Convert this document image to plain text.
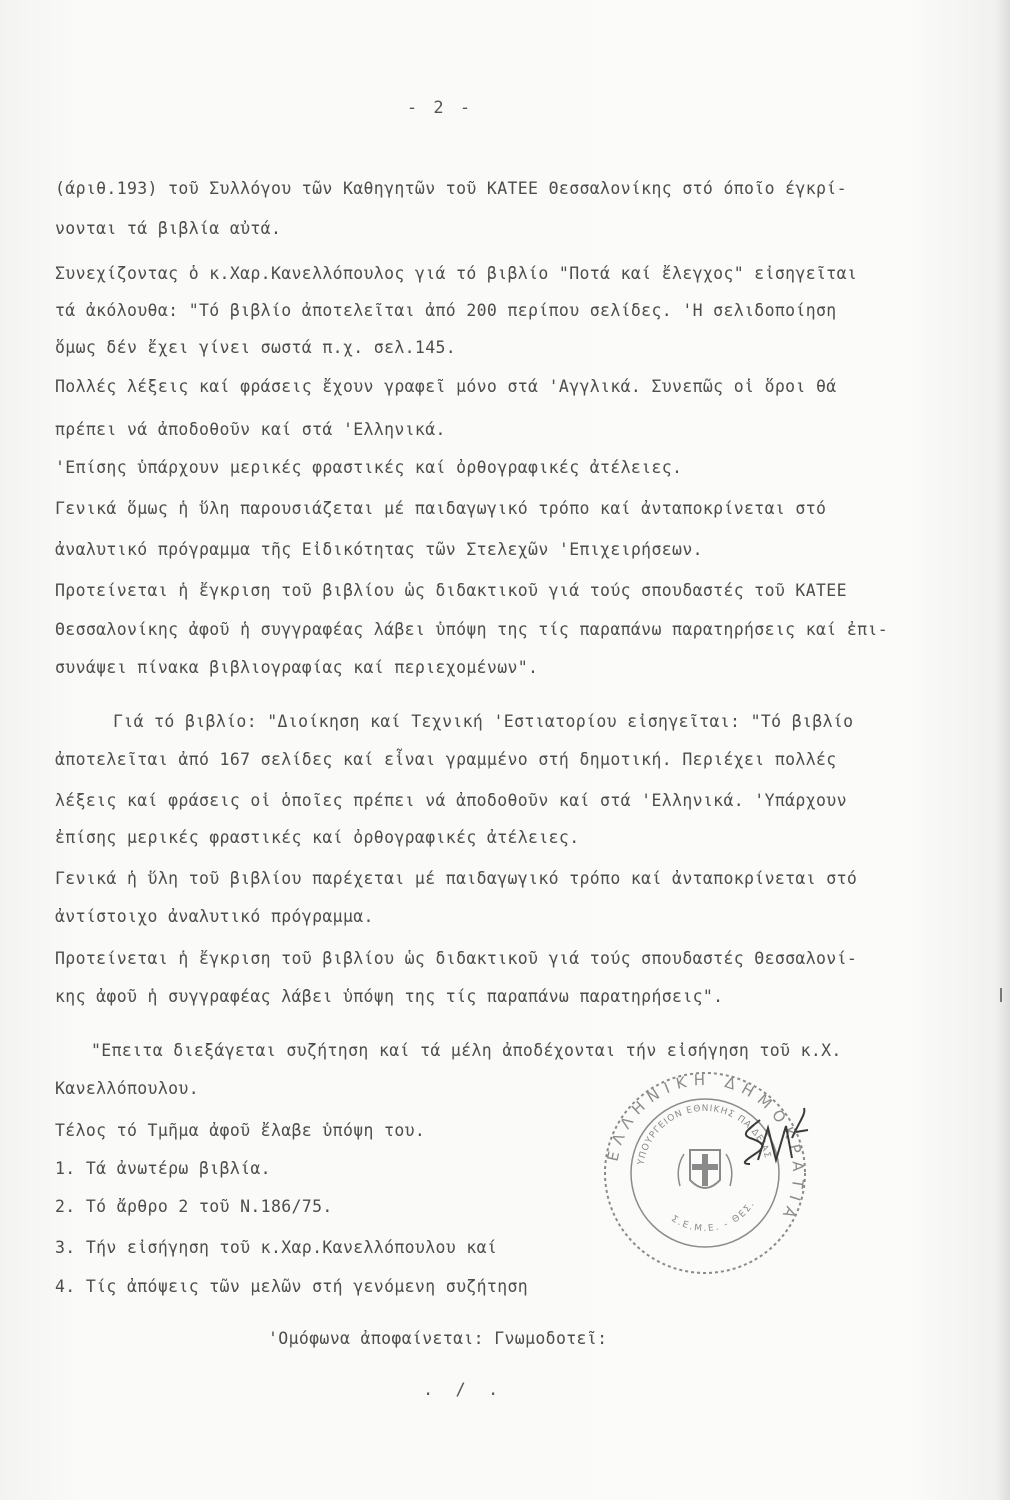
- 2 -
(άριθ.193) τοῦ Συλλόγου τῶν Καθηγητῶν τοῦ ΚΑΤΕΕ Θεσσαλονίκης στό όποῖο έγκρί-
νονται τά βιβλία αὐτά.
Συνεχίζοντας ὁ κ.Χαρ.Κανελλόπουλος γιά τό βιβλίο "Ποτά καί ἔλεγχος" εἰσηγεῖται
τά ἀκόλουθα: "Τό βιβλίο ἀποτελεῖται ἀπό 200 περίπου σελίδες. 'Η σελιδοποίηση
ὅμως δέν ἔχει γίνει σωστά π.χ. σελ.145.
Πολλές λέξεις καί φράσεις ἔχουν γραφεῖ μόνο στά 'Αγγλικά. Συνεπῶς οἱ ὅροι θά
πρέπει νά ἀποδοθοῦν καί στά 'Ελληνικά.
'Επίσης ὑπάρχουν μερικές φραστικές καί ὀρθογραφικές ἀτέλειες.
Γενικά ὅμως ἡ ὕλη παρουσιάζεται μέ παιδαγωγικό τρόπο καί ἀνταποκρίνεται στό
ἀναλυτικό πρόγραμμα τῆς Εἰδικότητας τῶν Στελεχῶν 'Επιχειρήσεων.
Προτείνεται ἡ ἔγκριση τοῦ βιβλίου ὡς διδακτικοῦ γιά τούς σπουδαστές τοῦ ΚΑΤΕΕ
Θεσσαλονίκης ἀφοῦ ἡ συγγραφέας λάβει ὑπόψη της τίς παραπάνω παρατηρήσεις καί ἐπι-
συνάψει πίνακα βιβλιογραφίας καί περιεχομένων".
Γιά τό βιβλίο: "Διοίκηση καί Τεχνική 'Εστιατορίου εἰσηγεῖται: "Τό βιβλίο
ἀποτελεῖται ἀπό 167 σελίδες καί εἶναι γραμμένο στή δημοτική. Περιέχει πολλές
λέξεις καί φράσεις οἱ ὁποῖες πρέπει νά ἀποδοθοῦν καί στά 'Ελληνικά. 'Υπάρχουν
ἐπίσης μερικές φραστικές καί ὀρθογραφικές ἀτέλειες.
Γενικά ἡ ὕλη τοῦ βιβλίου παρέχεται μέ παιδαγωγικό τρόπο καί ἀνταποκρίνεται στό
ἀντίστοιχο ἀναλυτικό πρόγραμμα.
Προτείνεται ἡ ἔγκριση τοῦ βιβλίου ὡς διδακτικοῦ γιά τούς σπουδαστές Θεσσαλονί-
κης ἀφοῦ ἡ συγγραφέας λάβει ὑπόψη της τίς παραπάνω παρατηρήσεις".
"Επειτα διεξάγεται συζήτηση καί τά μέλη ἀποδέχονται τήν εἰσήγηση τοῦ κ.Χ.
Κανελλόπουλου.
Τέλος τό Τμῆμα ἀφοῦ ἔλαβε ὑπόψη του.
1. Τά ἀνωτέρω βιβλία.
2. Τό ἄρθρο 2 τοῦ Ν.186/75.
3. Τήν εἰσήγηση τοῦ κ.Χαρ.Κανελλόπουλου καί
4. Τίς ἀπόψεις τῶν μελῶν στή γενόμενη συζήτηση
'Ομόφωνα ἀποφαίνεται: Γνωμοδοτεῖ:
. / .
ΕΛΛΗΝΙΚΗ ΔΗΜΟΚΡΑΤΙΑ
ΥΠΟΥΡΓΕΙΟΝ ΕΘΝΙΚΗΣ ΠΑΙΔΕΙΑΣ
Σ.Ε.Μ.Ε. - ΘΕΣ.
